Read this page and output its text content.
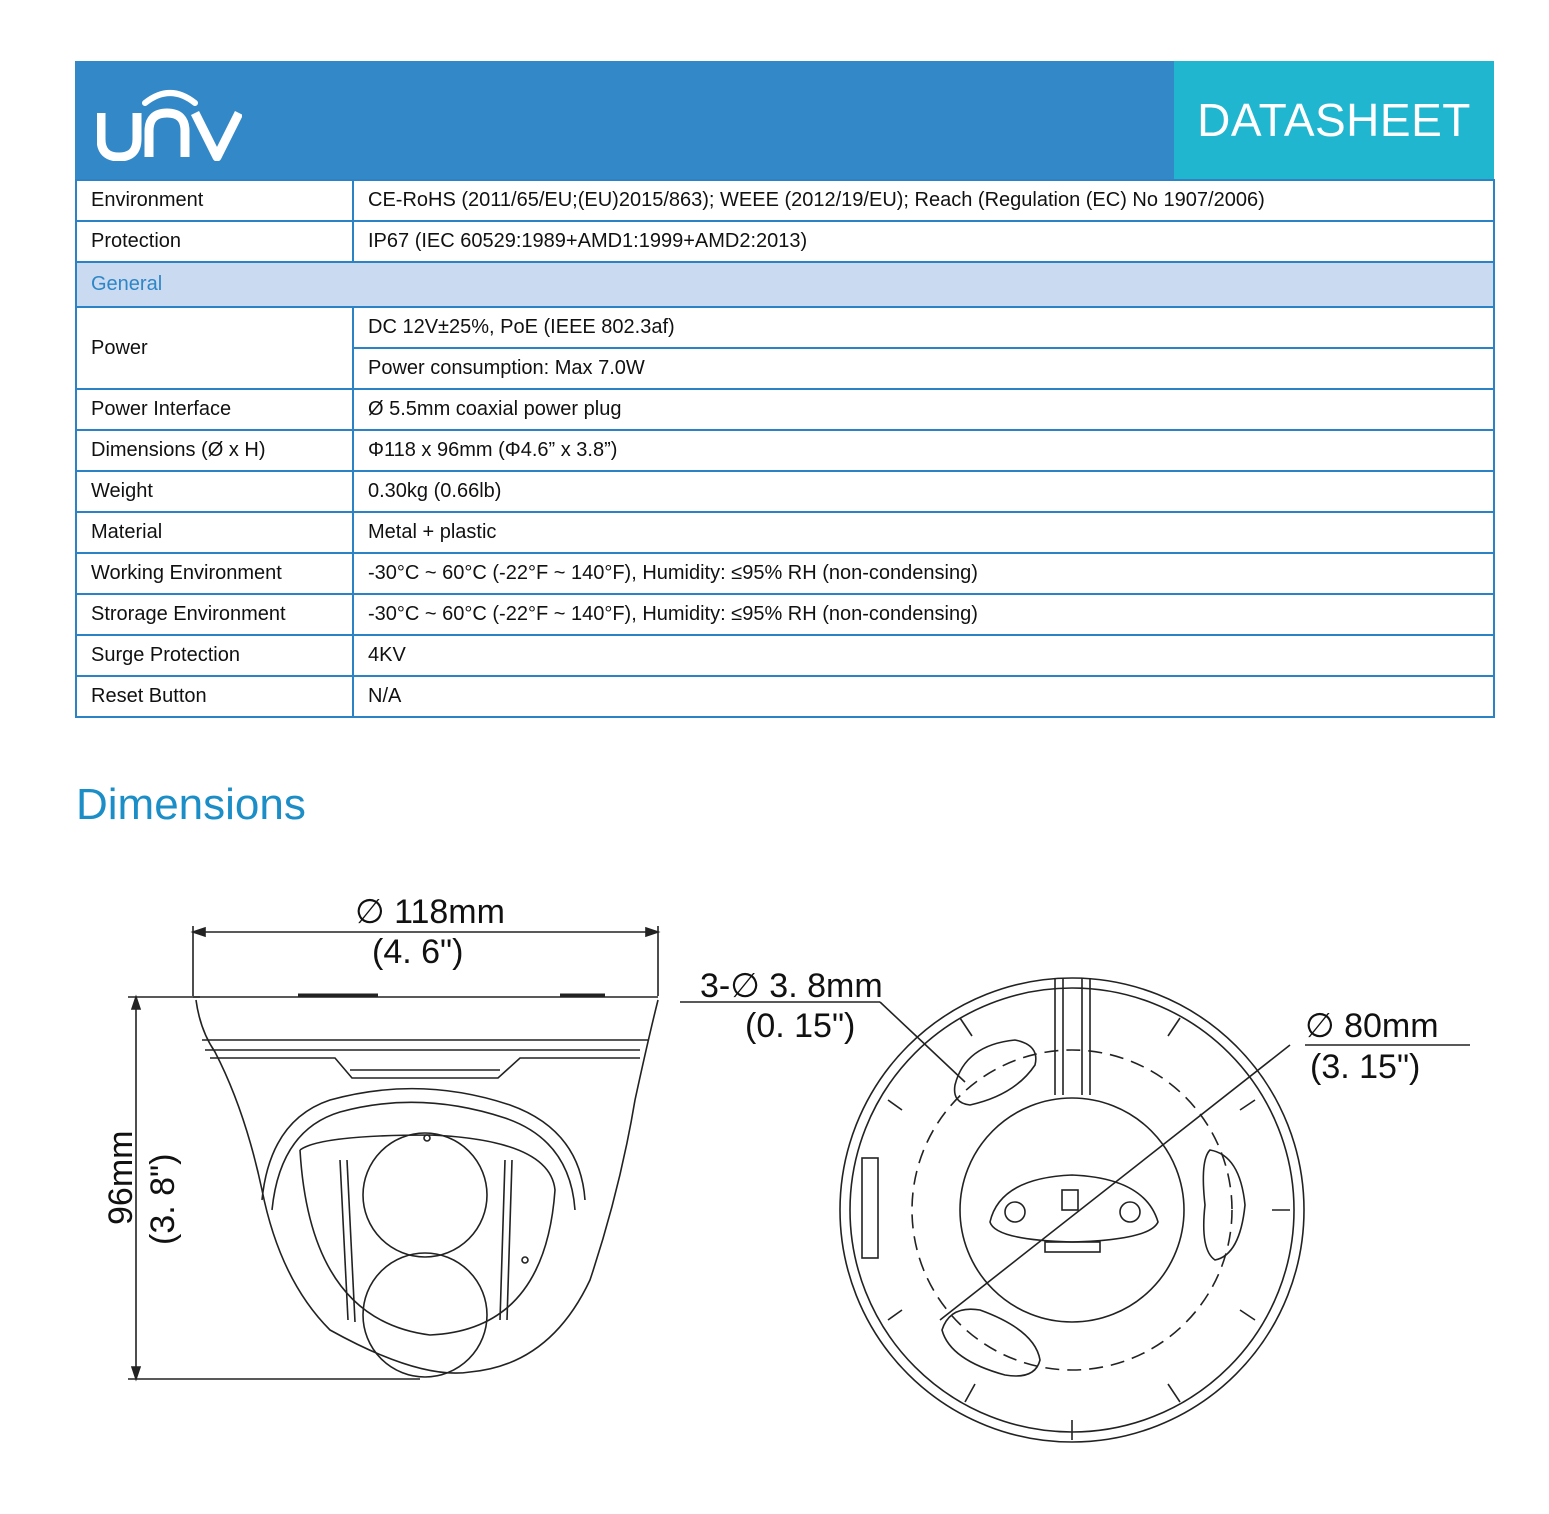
DATASHEET
Environment	CE-RoHS (2011/65/EU;(EU)2015/863); WEEE (2012/19/EU); Reach (Regulation (EC) No 1907/2006)
Protection	IP67 (IEC 60529:1989+AMD1:1999+AMD2:2013)
General	
Power	DC 12V±25%, PoE (IEEE 802.3af)
	Power consumption: Max 7.0W
Power Interface	Ø 5.5mm coaxial power plug
Dimensions (Ø x H)	Φ118 x 96mm (Φ4.6” x 3.8”)
Weight	0.30kg (0.66lb)
Material	Metal + plastic
Working Environment	-30°C ~ 60°C (-22°F ~ 140°F), Humidity: ≤95% RH (non-condensing)
Strorage Environment	-30°C ~ 60°C (-22°F ~ 140°F), Humidity: ≤95% RH (non-condensing)
Surge Protection	4KV
Reset Button	N/A
Dimensions
∅ 118mm
(4. 6")
96mm (3. 8")
3-∅ 3. 8mm
(0. 15")	∅ 80mm
(3. 15")
